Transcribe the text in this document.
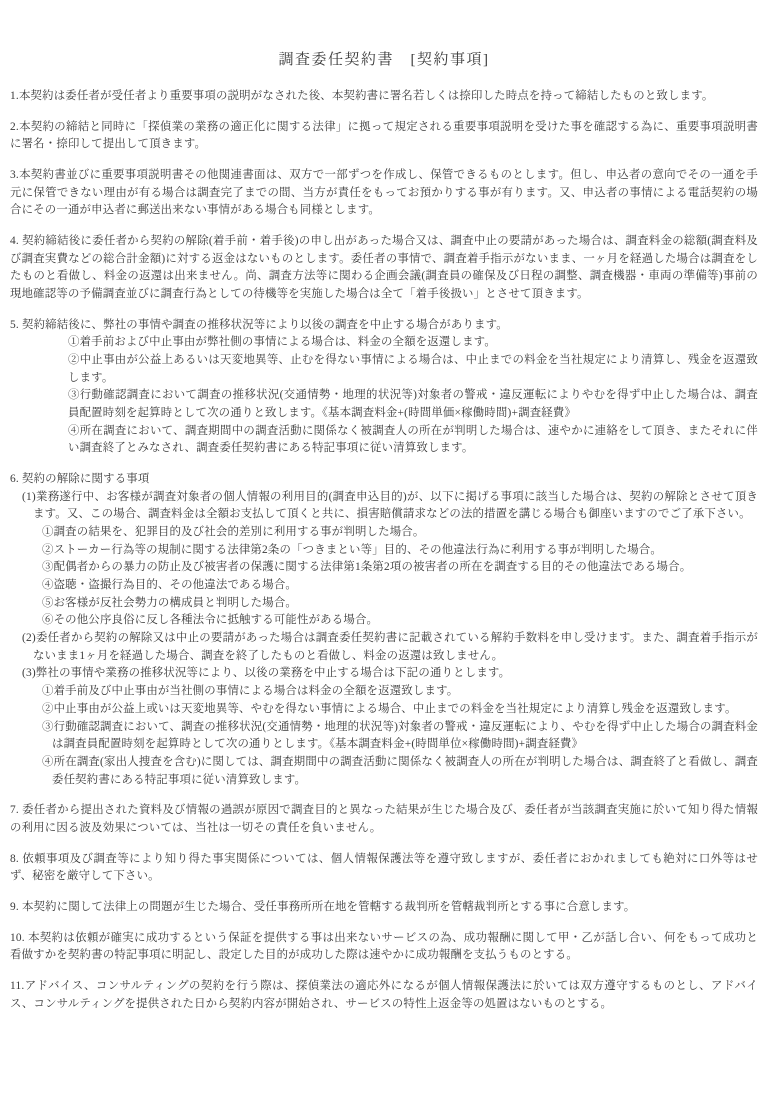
調査委任契約書　[契約事項]

1.本契約は委任者が受任者より重要事項の説明がなされた後、本契約書に署名若しくは捺印した時点を持って締結したものと致します。

2.本契約の締結と同時に「探偵業の業務の適正化に関する法律」に拠って規定される重要事項説明を受けた事を確認する為に、重要事項説明書に署名・捺印して提出して頂きます。

3.本契約書並びに重要事項説明書その他関連書面は、双方で一部ずつを作成し、保管できるものとします。但し、申込者の意向でその一通を手元に保管できない理由が有る場合は調査完了までの間、当方が責任をもってお預かりする事が有ります。又、申込者の事情による電話契約の場合にその一通が申込者に郵送出来ない事情がある場合も同様とします。

4. 契約締結後に委任者から契約の解除(着手前・着手後)の申し出があった場合又は、調査中止の要請があった場合は、調査料金の総額(調査料及び調査実費などの総合計金額)に対する返金はないものとします。委任者の事情で、調査着手指示がないまま、一ヶ月を経過した場合は調査をしたものと看做し、料金の返還は出来ません。尚、調査方法等に関わる企画会議(調査員の確保及び日程の調整、調査機器・車両の準備等)事前の現地確認等の予備調査並びに調査行為としての待機等を実施した場合は全て「着手後扱い」とさせて頂きます。

5. 契約締結後に、弊社の事情や調査の推移状況等により以後の調査を中止する場合があります。

①着手前および中止事由が弊社側の事情による場合は、料金の全額を返還します。

②中止事由が公益上あるいは天変地異等、止むを得ない事情による場合は、中止までの料金を当社規定により清算し、残金を返還致します。

③行動確認調査において調査の推移状況(交通情勢・地理的状況等)対象者の警戒・違反運転によりやむを得ず中止した場合は、調査員配置時刻を起算時として次の通りと致します。《基本調査料金+(時間単価×稼働時間)+調査経費》

④所在調査において、調査期間中の調査活動に関係なく被調査人の所在が判明した場合は、速やかに連絡をして頂き、またそれに伴い調査終了とみなされ、調査委任契約書にある特記事項に従い清算致します。

6. 契約の解除に関する事項

(1)業務遂行中、お客様が調査対象者の個人情報の利用目的(調査申込目的)が、以下に掲げる事項に該当した場合は、契約の解除とさせて頂きます。又、この場合、調査料金は全額お支払して頂くと共に、損害賠償請求などの法的措置を講じる場合も御座いますのでご了承下さい。

①調査の結果を、犯罪目的及び社会的差別に利用する事が判明した場合。

②ストーカー行為等の規制に関する法律第2条の「つきまとい等」目的、その他違法行為に利用する事が判明した場合。

③配偶者からの暴力の防止及び被害者の保護に関する法律第1条第2項の被害者の所在を調査する目的その他違法である場合。

④盗聴・盗撮行為目的、その他違法である場合。

⑤お客様が反社会勢力の構成員と判明した場合。

⑥その他公序良俗に反し各種法令に抵触する可能性がある場合。

(2)委任者から契約の解除又は中止の要請があった場合は調査委任契約書に記載されている解約手数料を申し受けます。また、調査着手指示がないまま1ヶ月を経過した場合、調査を終了したものと看做し、料金の返還は致しません。

(3)弊社の事情や業務の推移状況等により、以後の業務を中止する場合は下記の通りとします。

①着手前及び中止事由が当社側の事情による場合は料金の全額を返還致します。

②中止事由が公益上或いは天変地異等、やむを得ない事情による場合、中止までの料金を当社規定により清算し残金を返還致します。

③行動確認調査において、調査の推移状況(交通情勢・地理的状況等)対象者の警戒・違反運転により、やむを得ず中止した場合の調査料金は調査員配置時刻を起算時として次の通りとします。《基本調査料金+(時間単位×稼働時間)+調査経費》

④所在調査(家出人捜査を含む)に関しては、調査期間中の調査活動に関係なく被調査人の所在が判明した場合は、調査終了と看做し、調査委任契約書にある特記事項に従い清算致します。

7. 委任者から提出された資料及び情報の過誤が原因で調査目的と異なった結果が生じた場合及び、委任者が当該調査実施に於いて知り得た情報の利用に因る波及効果については、当社は一切その責任を負いません。

8. 依頼事項及び調査等により知り得た事実関係については、個人情報保護法等を遵守致しますが、委任者におかれましても絶対に口外等はせず、秘密を厳守して下さい。

9. 本契約に関して法律上の問題が生じた場合、受任事務所所在地を管轄する裁判所を管轄裁判所とする事に合意します。

10. 本契約は依頼が確実に成功するという保証を提供する事は出来ないサービスの為、成功報酬に関して甲・乙が話し合い、何をもって成功と看做すかを契約書の特記事項に明記し、設定した目的が成功した際は速やかに成功報酬を支払うものとする。

11.アドバイス、コンサルティングの契約を行う際は、探偵業法の適応外になるが個人情報保護法に於いては双方遵守するものとし、アドバイス、コンサルティングを提供された日から契約内容が開始され、サービスの特性上返金等の処置はないものとする。
